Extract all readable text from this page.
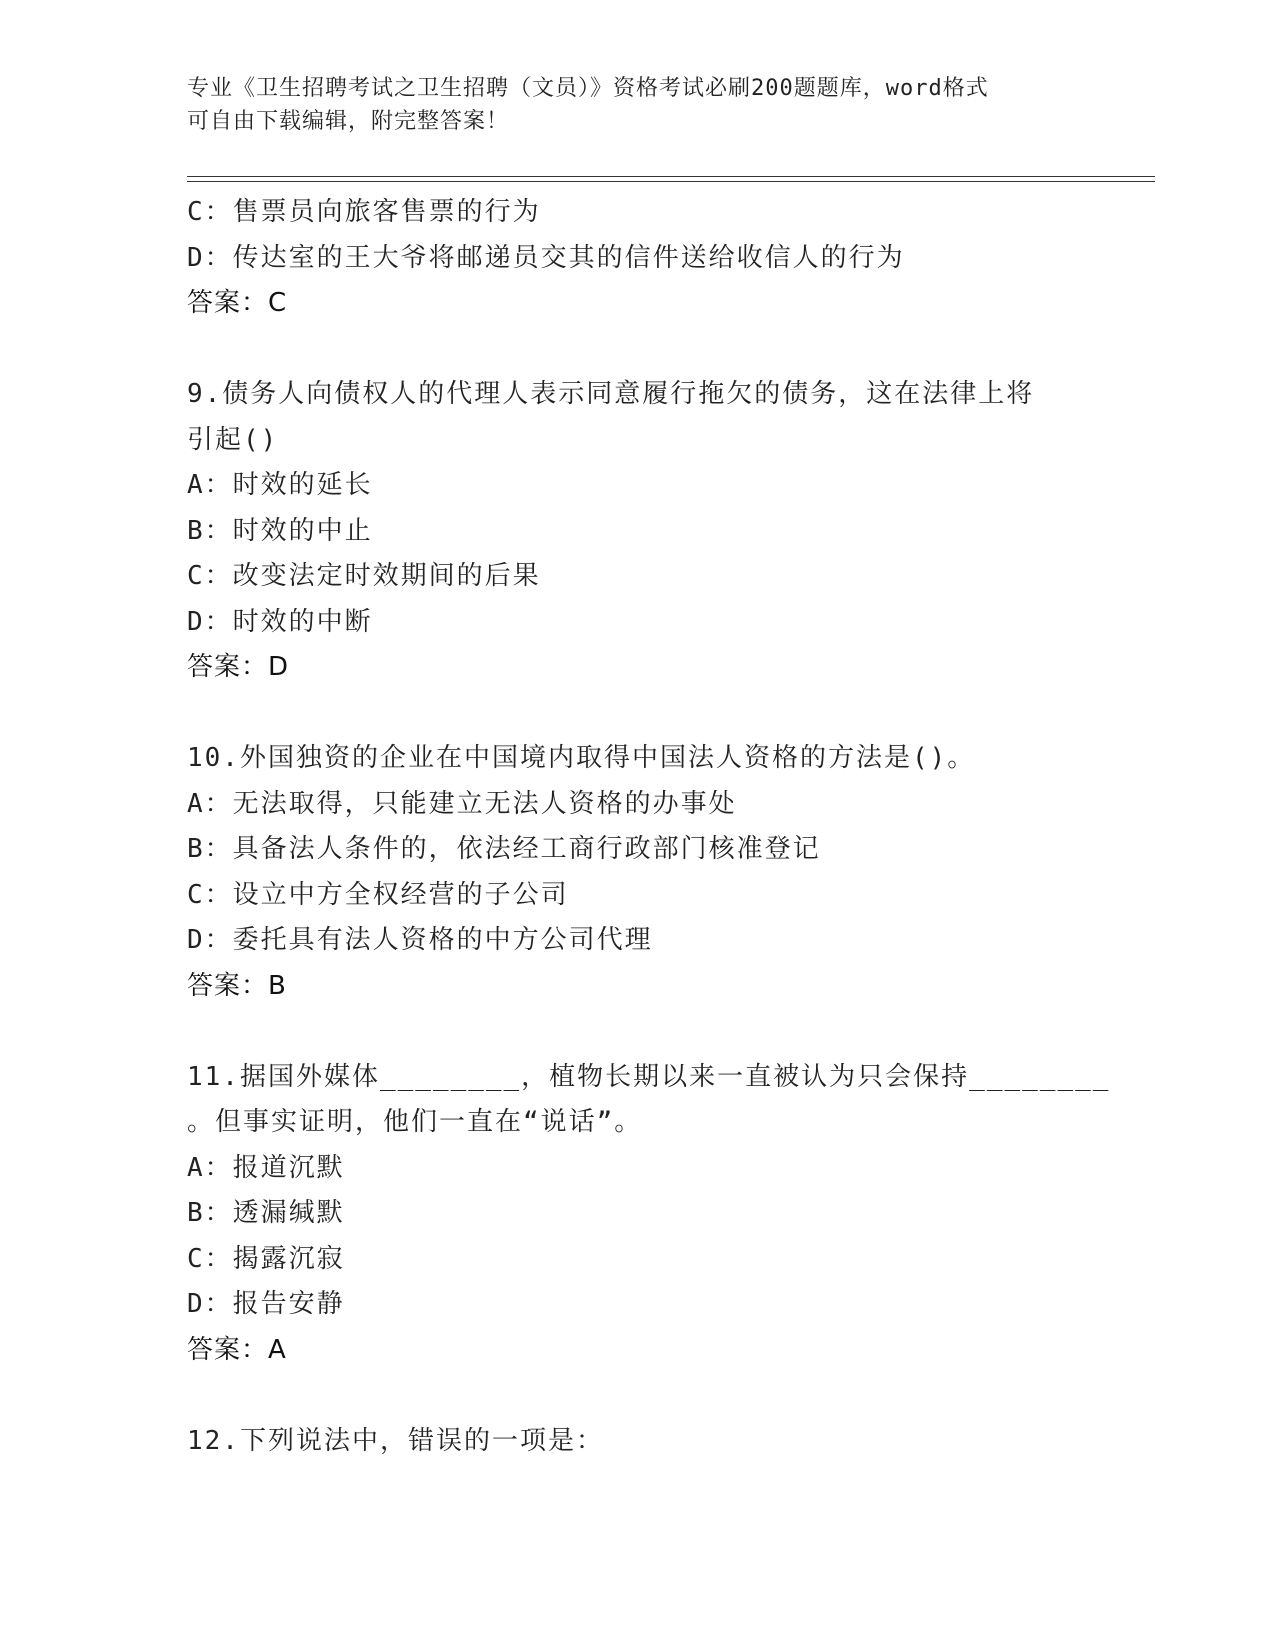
专业《卫生招聘考试之卫生招聘（文员）》资格考试必刷200题题库，word格式
可自由下载编辑，附完整答案！
C：售票员向旅客售票的行为
D：传达室的王大爷将邮递员交其的信件送给收信人的行为
答案：C
9.债务人向债权人的代理人表示同意履行拖欠的债务，这在法律上将
引起()
A：时效的延长
B：时效的中止
C：改变法定时效期间的后果
D：时效的中断
答案：D
10.外国独资的企业在中国境内取得中国法人资格的方法是()。
A：无法取得，只能建立无法人资格的办事处
B：具备法人条件的，依法经工商行政部门核准登记
C：设立中方全权经营的子公司
D：委托具有法人资格的中方公司代理
答案：B
11.据国外媒体________，植物长期以来一直被认为只会保持________
。但事实证明，他们一直在“说话”。
A：报道沉默
B：透漏缄默
C：揭露沉寂
D：报告安静
答案：A
12.下列说法中，错误的一项是：
